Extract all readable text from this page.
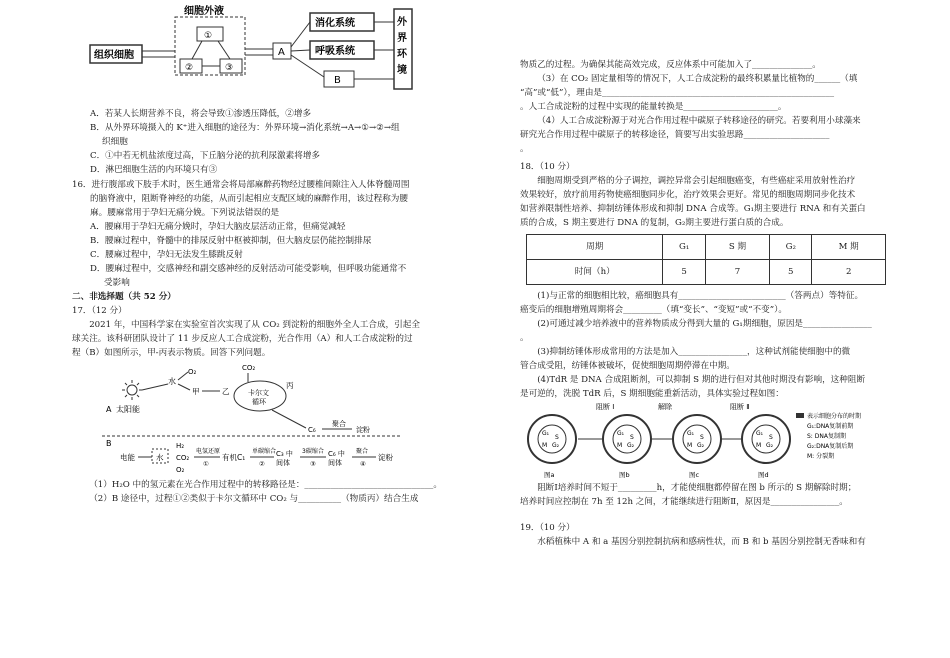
细胞外液
组织细胞
①
②	③
A
消化系统
呼吸系统
B
外
界
环
境

A．若某人长期营养不良，将会导致①渗透压降低，②增多

B．从外界环境摄入的 K⁺进入细胞的途径为：外界环境→消化系统→A→①→②→组

织细胞

C．①中若无机盐浓度过高，下丘脑分泌的抗利尿激素将增多

D．淋巴细胞生活的内环境只有③

16．进行腹部或下肢手术时，医生通常会将局部麻醉药物经过腰椎间隙注入人体脊髓周围

的脑脊液中，阻断脊神经的功能，从而引起相应支配区域的麻醉作用，该过程称为腰

麻。腰麻常用于孕妇无痛分娩。下列说法错误的是

A．腰麻用于孕妇无痛分娩时，孕妇大脑皮层活动正常，但痛觉减轻

B．腰麻过程中，脊髓中的排尿反射中枢被抑制，但大脑皮层仍能控制排尿

C．腰麻过程中，孕妇无法发生膝跳反射

D．腰麻过程中，交感神经和副交感神经的反射活动可能受影响，但呼吸功能通常不

受影响

二、非选择题（共 52 分）

17．（12 分）

2021 年，中国科学家在实验室首次实现了从 CO₂ 到淀粉的细胞外全人工合成，引起全

球关注。该科研团队设计了 11 步反应人工合成淀粉，光合作用（A）和人工合成淀粉的过

程（B）如图所示，甲-丙表示物质。回答下列问题。

A 太阳能
水
O₂
甲	乙
CO₂
卡尔文
循环
丙
C₆
聚合
淀粉
B
电能	水
H₂
CO₂
O₂
电氢还原
①
有机C₁
单碳缩合
②
C₃ 中
间体
3碳缩合
③
C₆ 中
间体
聚合
④
淀粉

（1）H₂O 中的氢元素在光合作用过程中的转移路径是：______________________________。

（2）B 途径中，过程①②类似于卡尔文循环中 CO₂ 与__________（物质丙）结合生成

物质乙的过程。为确保其能高效完成，反应体系中可能加入了______________。

（3）在 CO₂ 固定量相等的情况下，人工合成淀粉的最终积累量比植物的______（填

“高”或“低”），理由是______________________________________________________

。人工合成淀粉的过程中实现的能量转换是______________________。

（4）人工合成淀粉源于对光合作用过程中碳原子转移途径的研究。若要利用小球藻来

研究光合作用过程中碳原子的转移途径，简要写出实验思路____________________

。

18．（10 分）

细胞周期受到严格的分子调控，调控异常会引起细胞癌变，有些癌症采用放射性治疗

效果较好，放疗前用药物使癌细胞同步化，治疗效果会更好。常见的细胞周期同步化技术

如营养限制性培养、抑制纺锤体形成和抑制 DNA 合成等。G₁期主要进行 RNA 和有关蛋白

质的合成，S 期主要进行 DNA 的复制，G₂期主要进行蛋白质的合成。

周期	G₁	S 期	G₂	M 期
时间（h）	5	7	5	2

(1)与正常的细胞相比较，癌细胞具有_________________________（答两点）等特征。

癌变后的细胞增殖周期将会_________（填“变长”、“变短”或“不变”）。

(2)可通过减少培养液中的营养物质成分得到大量的 G₁期细胞，原因是________________

。

(3)抑制纺锤体形成常用的方法是加入________________，这种试剂能使细胞中的微

管合成受阻，纺锤体被破坏，促使细胞周期停滞在中期。

(4)TdR 是 DNA 合成阻断剂，可以抑制 S 期的进行但对其他时期没有影响，这种阻断

是可逆的，洗脱 TdR 后，S 期细胞能重新活动，具体实验过程如图：

阻断 Ⅰ	解除	阻断 Ⅱ
G₁
S
M G₂
图a
G₁
S
M G₂
图b
G₁
S
M G₂
图c
G₁
S
M G₂
图d
表示细胞分布的时期
G₁:DNA复制前期
S: DNA复制期
G₂:DNA复制后期
M: 分裂期

阻断Ⅰ培养时间不短于_________h，才能使细胞都停留在图 b 所示的 S 期解除时期；

培养时间应控制在 7h 至 12h 之间，才能继续进行阻断Ⅱ，原因是________________。

19．（10 分）

水稻植株中 A 和 a 基因分别控制抗病和感病性状，而 B 和 b 基因分别控制无香味和有
